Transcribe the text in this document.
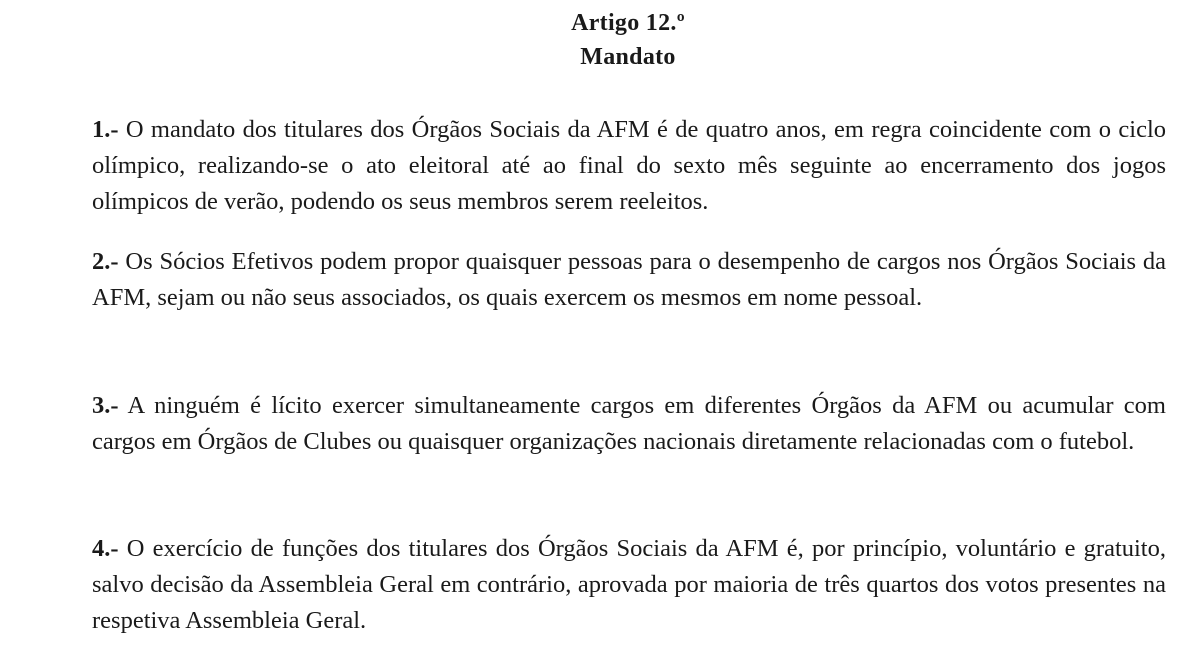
Artigo 12.º
Mandato

1.- O mandato dos titulares dos Órgãos Sociais da AFM é de quatro anos, em regra coincidente com o ciclo olímpico, realizando-se o ato eleitoral até ao final do sexto mês seguinte ao encerramento dos jogos olímpicos de verão, podendo os seus membros serem reeleitos.

2.- Os Sócios Efetivos podem propor quaisquer pessoas para o desempenho de cargos nos Órgãos Sociais da AFM, sejam ou não seus associados, os quais exercem os mesmos em nome pessoal.

3.- A ninguém é lícito exercer simultaneamente cargos em diferentes Órgãos da AFM ou acumular com cargos em Órgãos de Clubes ou quaisquer organizações nacionais diretamente relacionadas com o futebol.

4.- O exercício de funções dos titulares dos Órgãos Sociais da AFM é, por princípio, voluntário e gratuito, salvo decisão da Assembleia Geral em contrário, aprovada por maioria de três quartos dos votos presentes na respetiva Assembleia Geral.
